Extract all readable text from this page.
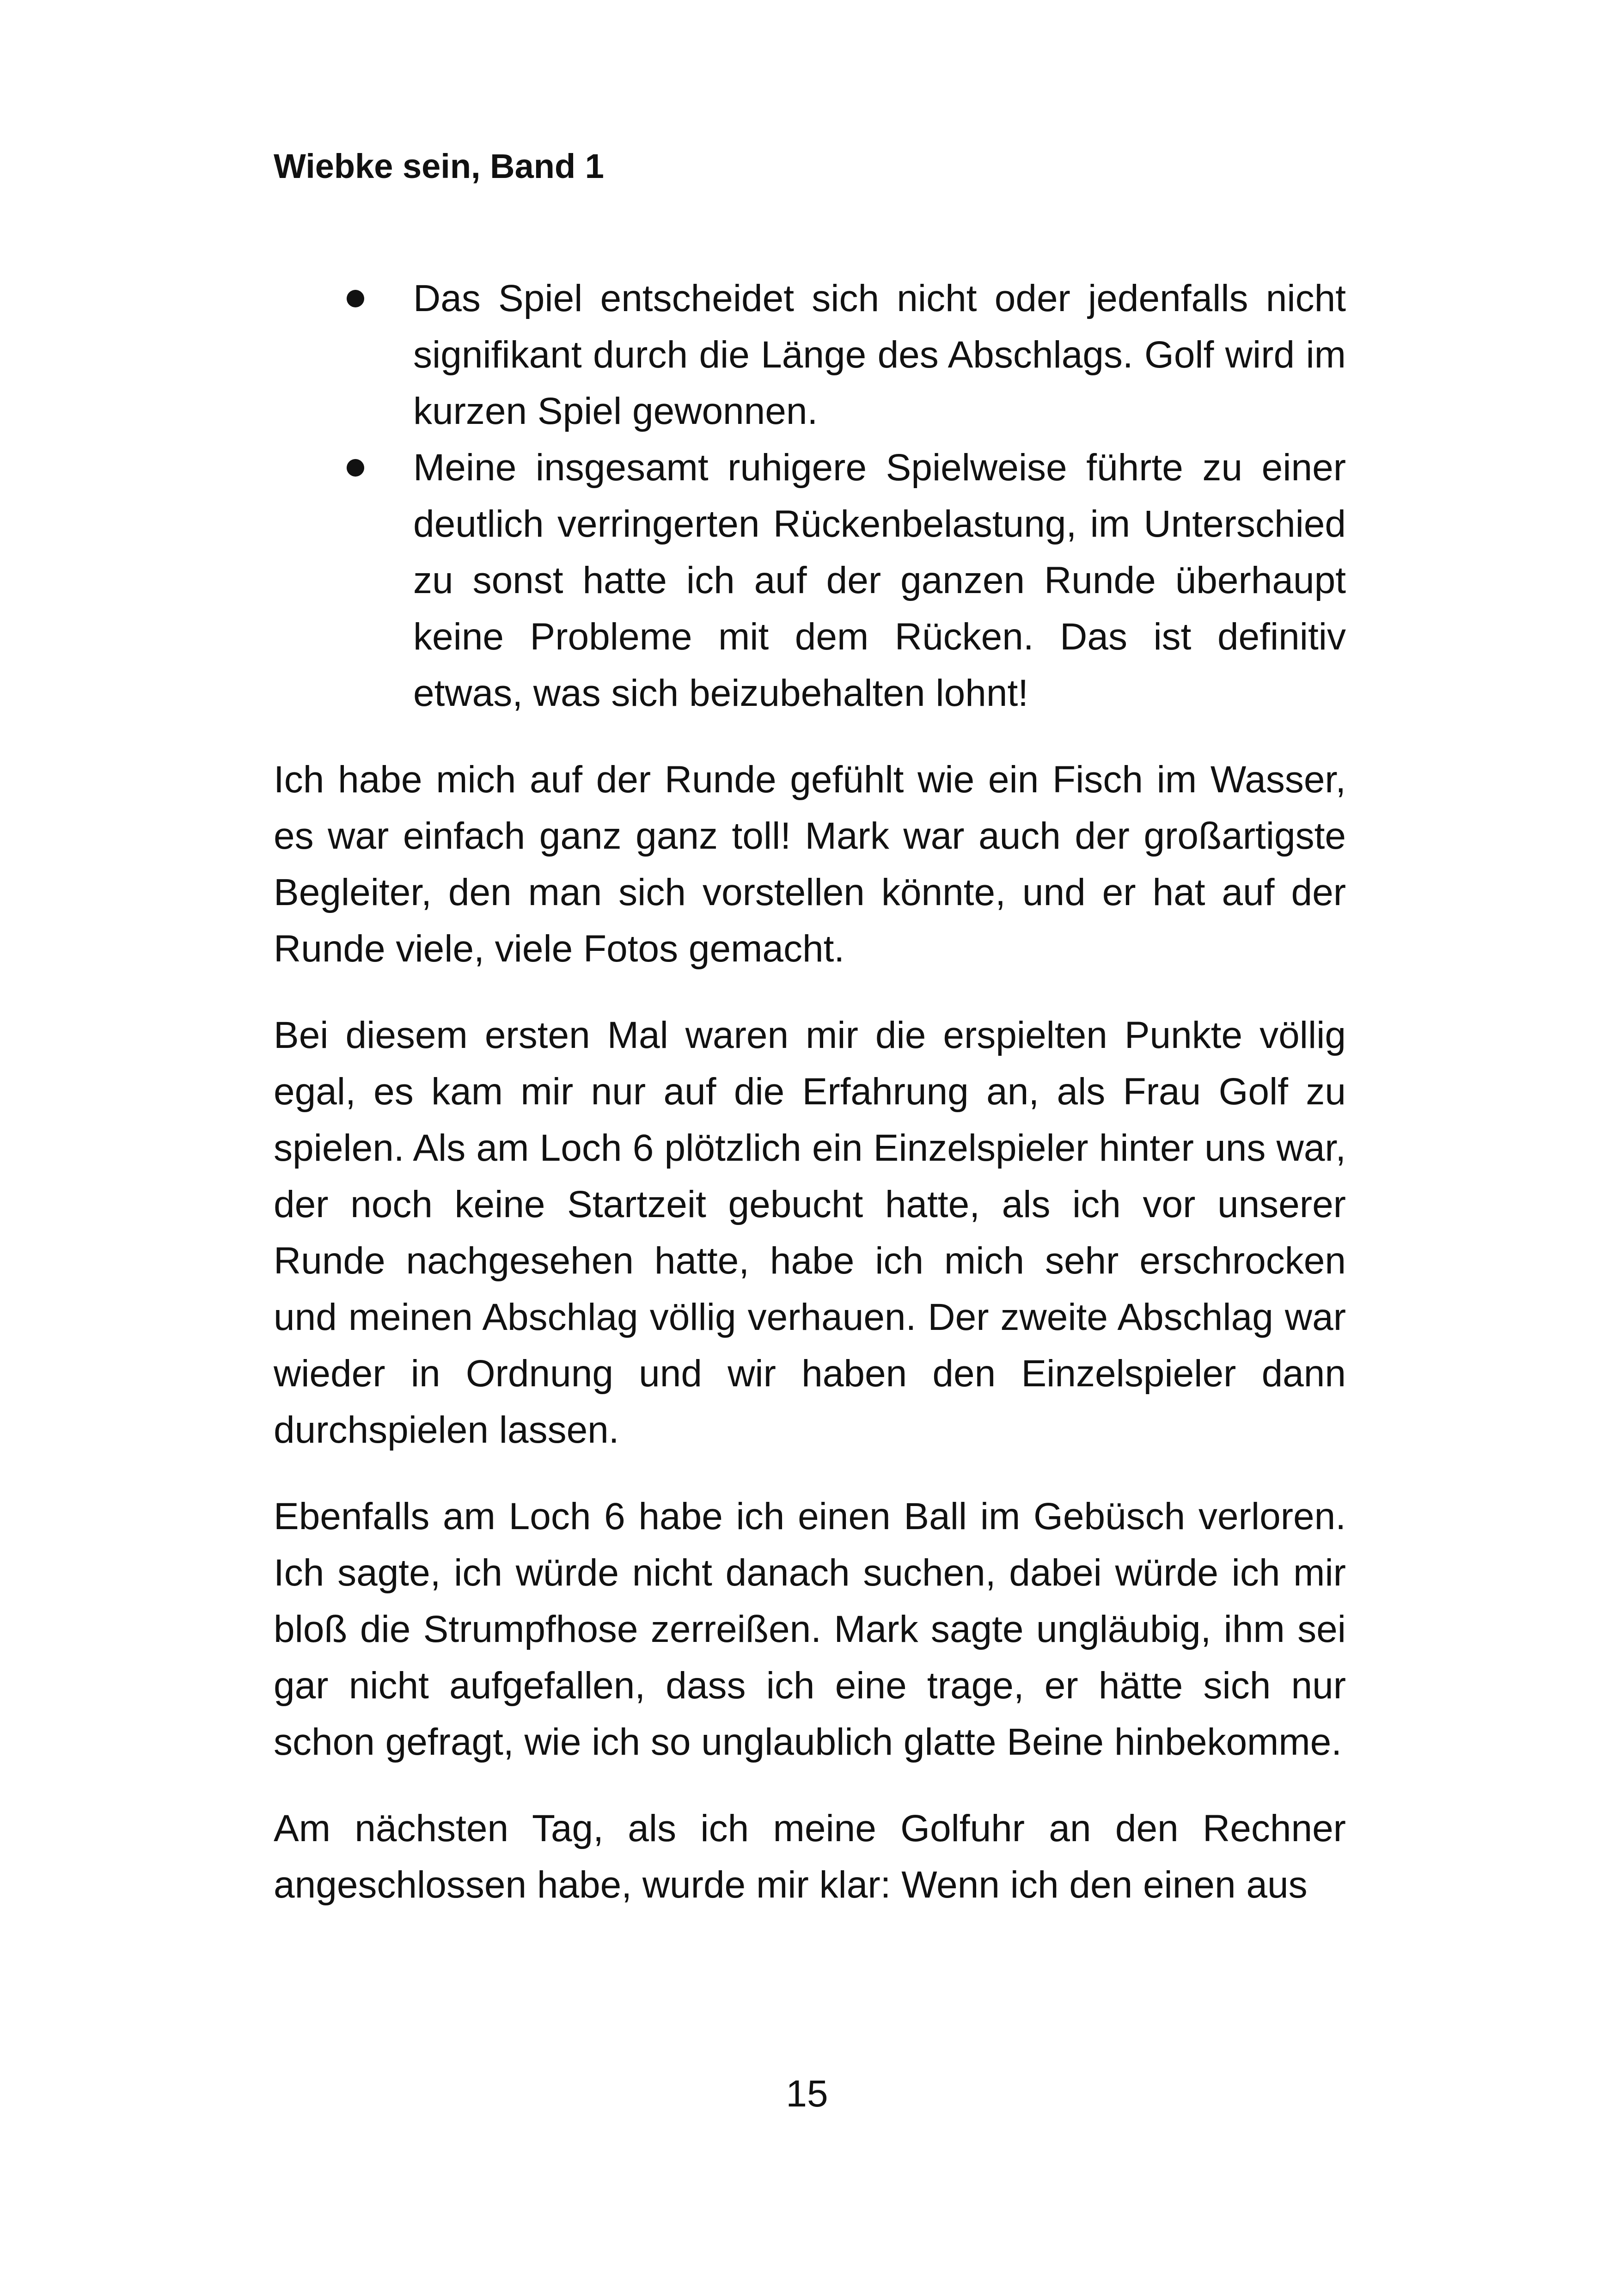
Wiebke sein, Band 1
Das Spiel entscheidet sich nicht oder jedenfalls nicht signifikant durch die Länge des Abschlags. Golf wird im kurzen Spiel gewonnen.
Meine insgesamt ruhigere Spielweise führte zu einer deutlich verringerten Rückenbelastung, im Unterschied zu sonst hatte ich auf der ganzen Runde überhaupt keine Probleme mit dem Rücken. Das ist definitiv etwas, was sich beizubehalten lohnt!

Ich habe mich auf der Runde gefühlt wie ein Fisch im Wasser, es war einfach ganz ganz toll! Mark war auch der großartigste Begleiter, den man sich vorstellen könnte, und er hat auf der Runde viele, viele Fotos gemacht.

Bei diesem ersten Mal waren mir die erspielten Punkte völlig egal, es kam mir nur auf die Erfahrung an, als Frau Golf zu spielen. Als am Loch 6 plötzlich ein Einzelspieler hinter uns war, der noch keine Startzeit gebucht hatte, als ich vor unserer Runde nachgesehen hatte, habe ich mich sehr erschrocken und meinen Abschlag völlig verhauen. Der zweite Abschlag war wieder in Ordnung und wir haben den Einzelspieler dann durchspielen lassen.

Ebenfalls am Loch 6 habe ich einen Ball im Gebüsch verloren. Ich sagte, ich würde nicht danach suchen, dabei würde ich mir bloß die Strumpfhose zerreißen. Mark sagte ungläubig, ihm sei gar nicht aufgefallen, dass ich eine trage, er hätte sich nur schon gefragt, wie ich so unglaublich glatte Beine hinbekomme.

Am nächsten Tag, als ich meine Golfuhr an den Rechner angeschlossen habe, wurde mir klar: Wenn ich den einen aus

15
